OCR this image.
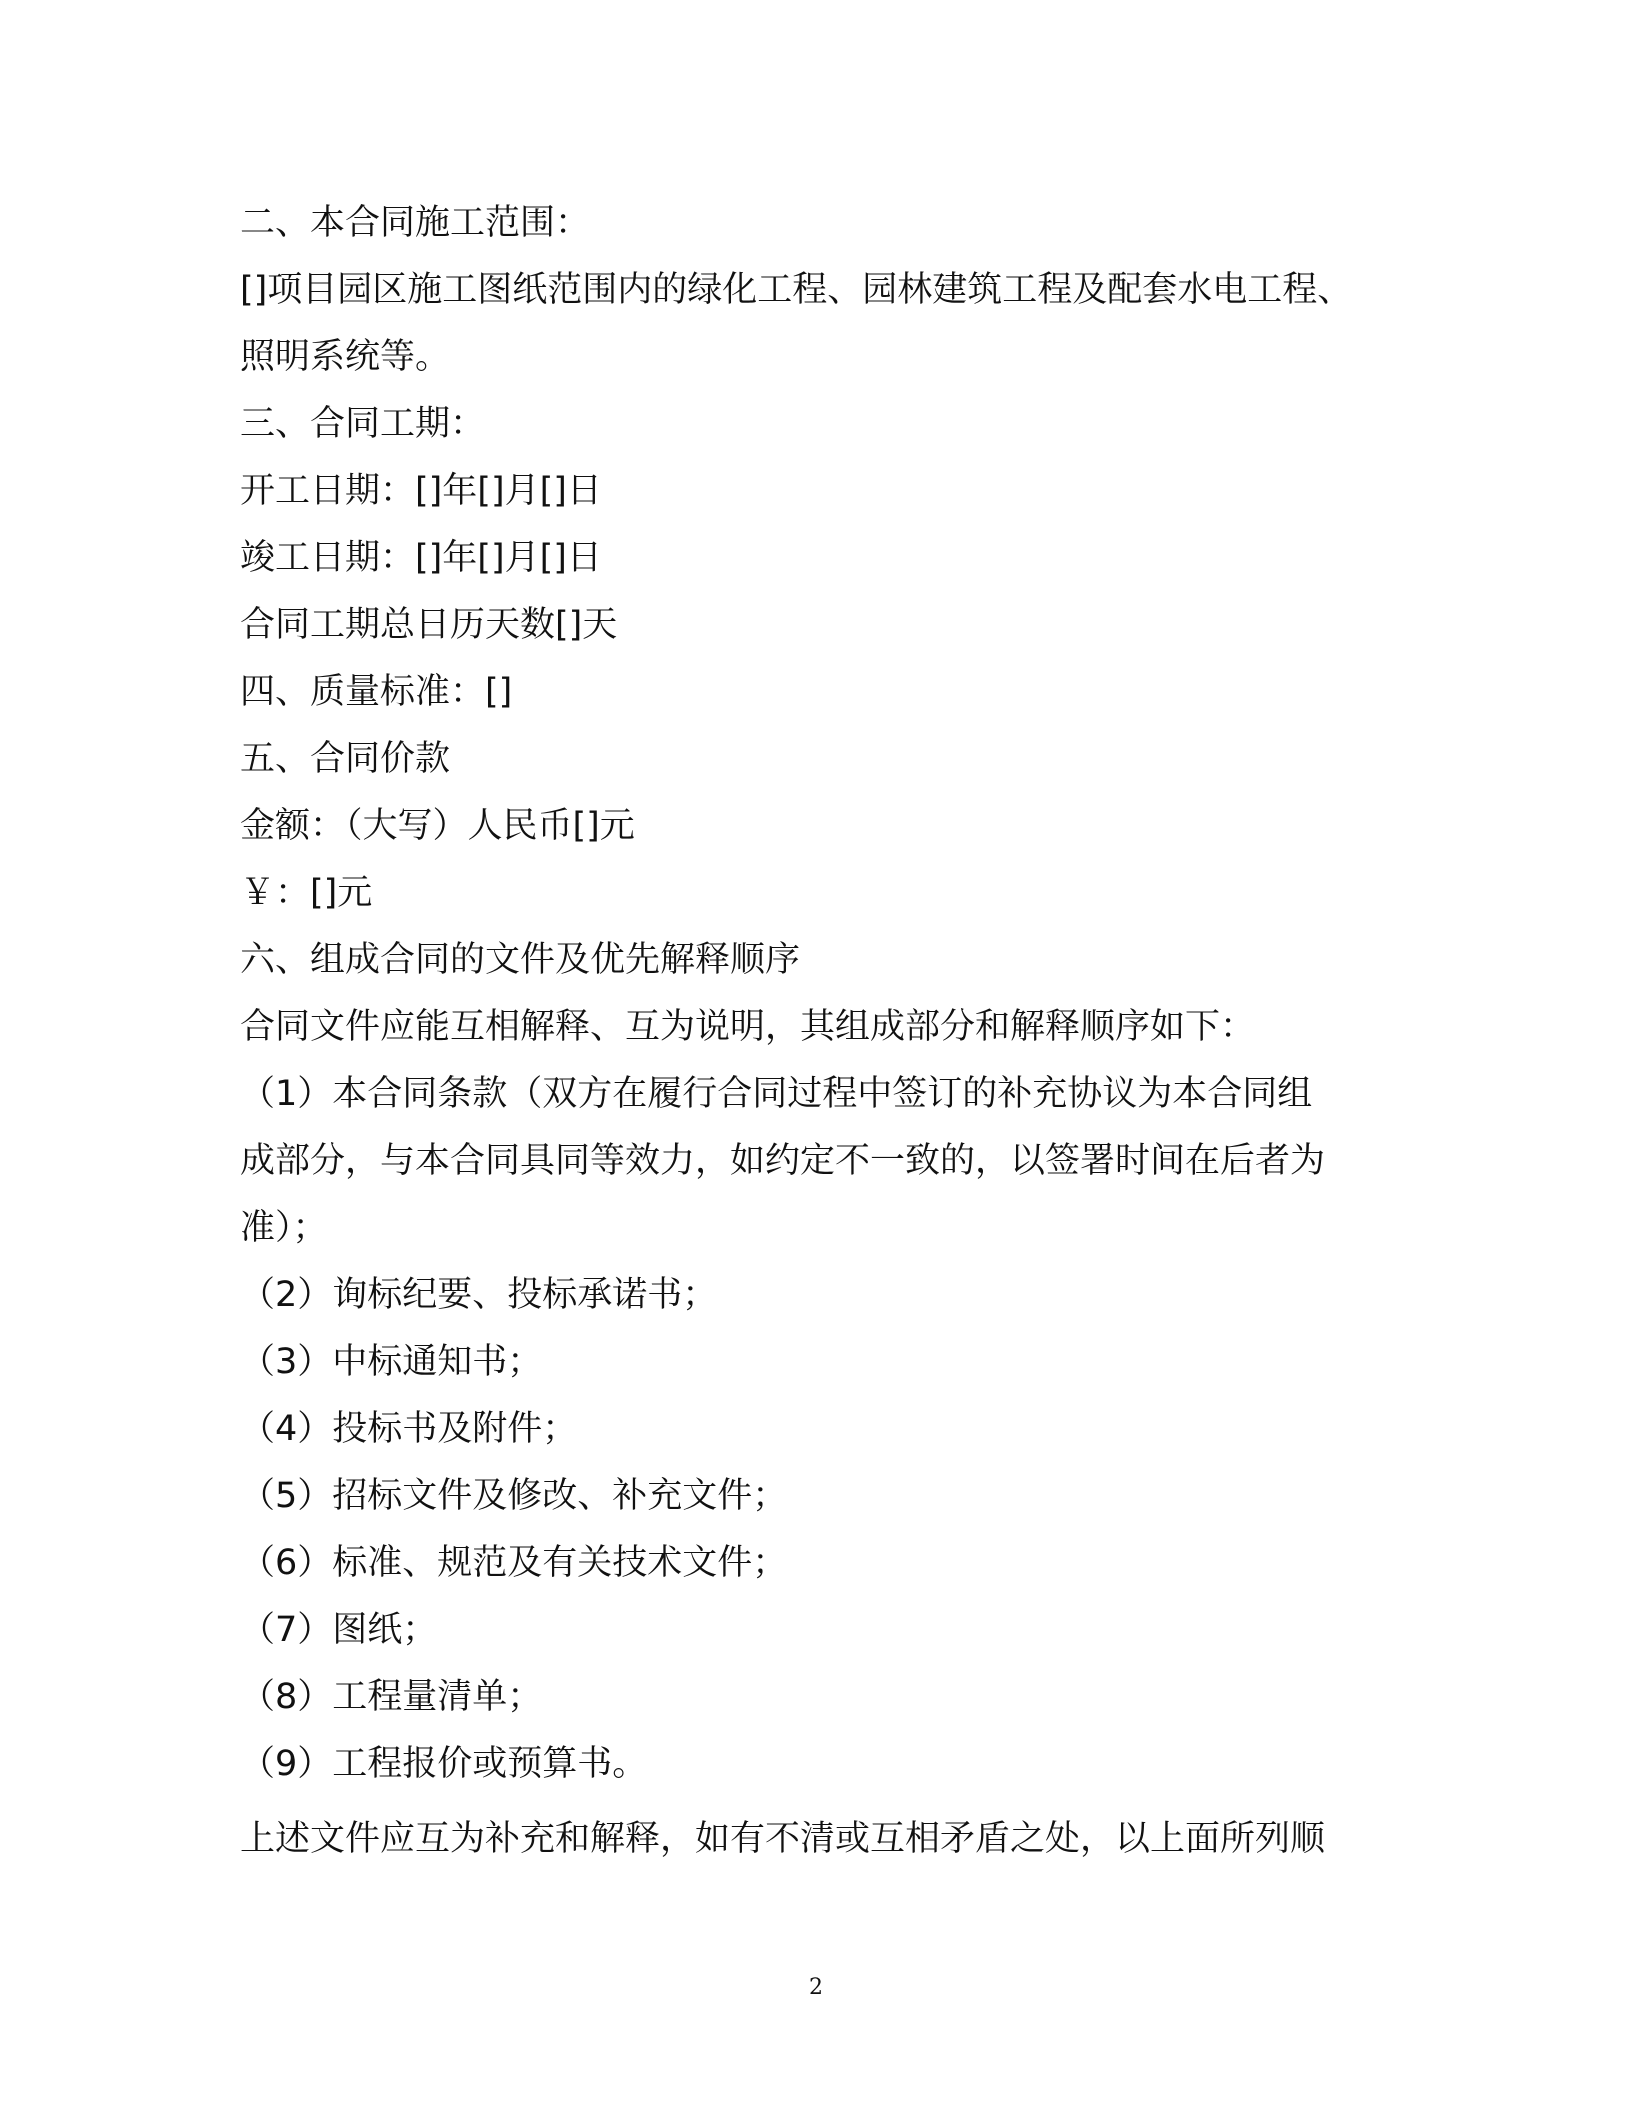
二、本合同施工范围：
[]项目园区施工图纸范围内的绿化工程、园林建筑工程及配套水电工程、
照明系统等。
三、合同工期：
开工日期：[]年[]月[]日
竣工日期：[]年[]月[]日
合同工期总日历天数[]天
四、质量标准：[]
五、合同价款
金额：（大写）人民币[]元
￥：[]元
六、组成合同的文件及优先解释顺序
合同文件应能互相解释、互为说明，其组成部分和解释顺序如下：
（1）本合同条款（双方在履行合同过程中签订的补充协议为本合同组
成部分，与本合同具同等效力，如约定不一致的，以签署时间在后者为
准）；
（2）询标纪要、投标承诺书；
（3）中标通知书；
（4）投标书及附件；
（5）招标文件及修改、补充文件；
（6）标准、规范及有关技术文件；
（7）图纸；
（8）工程量清单；
（9）工程报价或预算书。
上述文件应互为补充和解释，如有不清或互相矛盾之处，以上面所列顺
2
